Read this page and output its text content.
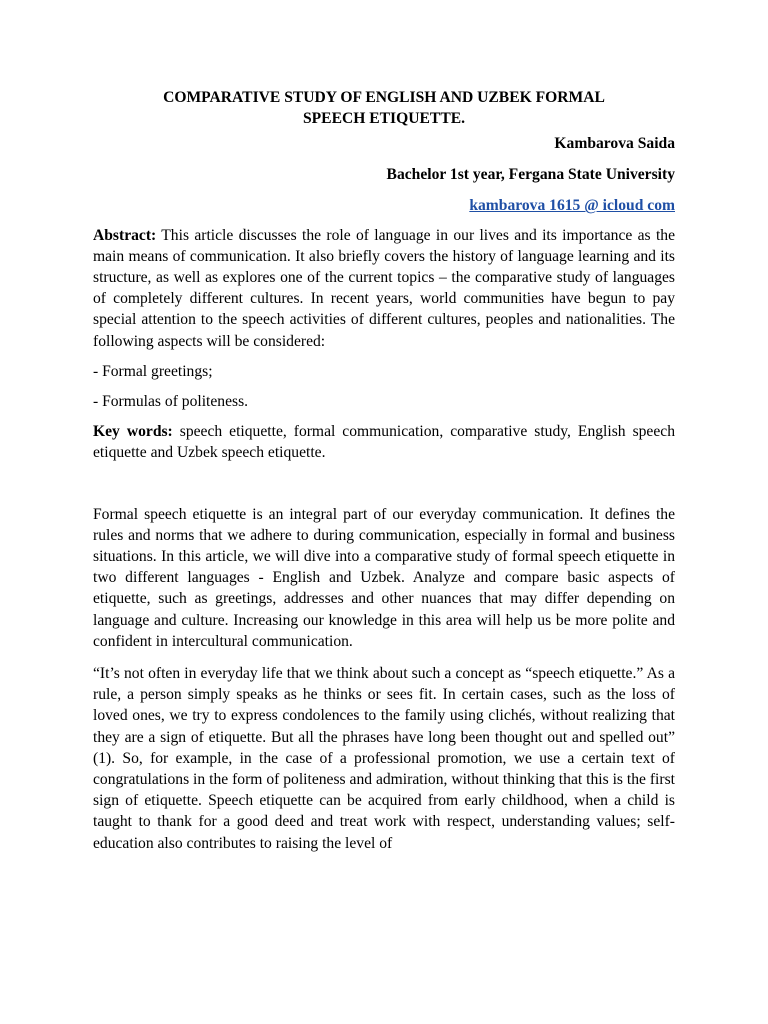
COMPARATIVE STUDY OF ENGLISH AND UZBEK FORMAL
SPEECH ETIQUETTE.
Kambarova Saida
Bachelor 1st year, Fergana State University
kambarova 1615 @ icloud com

Abstract: This article discusses the role of language in our lives and its importance as the main means of communication. It also briefly covers the history of language learning and its structure, as well as explores one of the current topics – the comparative study of languages of completely different cultures. In recent years, world communities have begun to pay special attention to the speech activities of different cultures, peoples and nationalities. The following aspects will be considered:

- Formal greetings;

- Formulas of politeness.

Key words: speech etiquette, formal communication, comparative study, English speech etiquette and Uzbek speech etiquette.

Formal speech etiquette is an integral part of our everyday communication. It defines the rules and norms that we adhere to during communication, especially in formal and business situations. In this article, we will dive into a comparative study of formal speech etiquette in two different languages - English and Uzbek. Analyze and compare basic aspects of etiquette, such as greetings, addresses and other nuances that may differ depending on language and culture. Increasing our knowledge in this area will help us be more polite and confident in intercultural communication.

“It’s not often in everyday life that we think about such a concept as “speech etiquette.” As a rule, a person simply speaks as he thinks or sees fit. In certain cases, such as the loss of loved ones, we try to express condolences to the family using clichés, without realizing that they are a sign of etiquette. But all the phrases have long been thought out and spelled out” (1). So, for example, in the case of a professional promotion, we use a certain text of congratulations in the form of politeness and admiration, without thinking that this is the first sign of etiquette. Speech etiquette can be acquired from early childhood, when a child is taught to thank for a good deed and treat work with respect, understanding values; self-education also contributes to raising the level of
